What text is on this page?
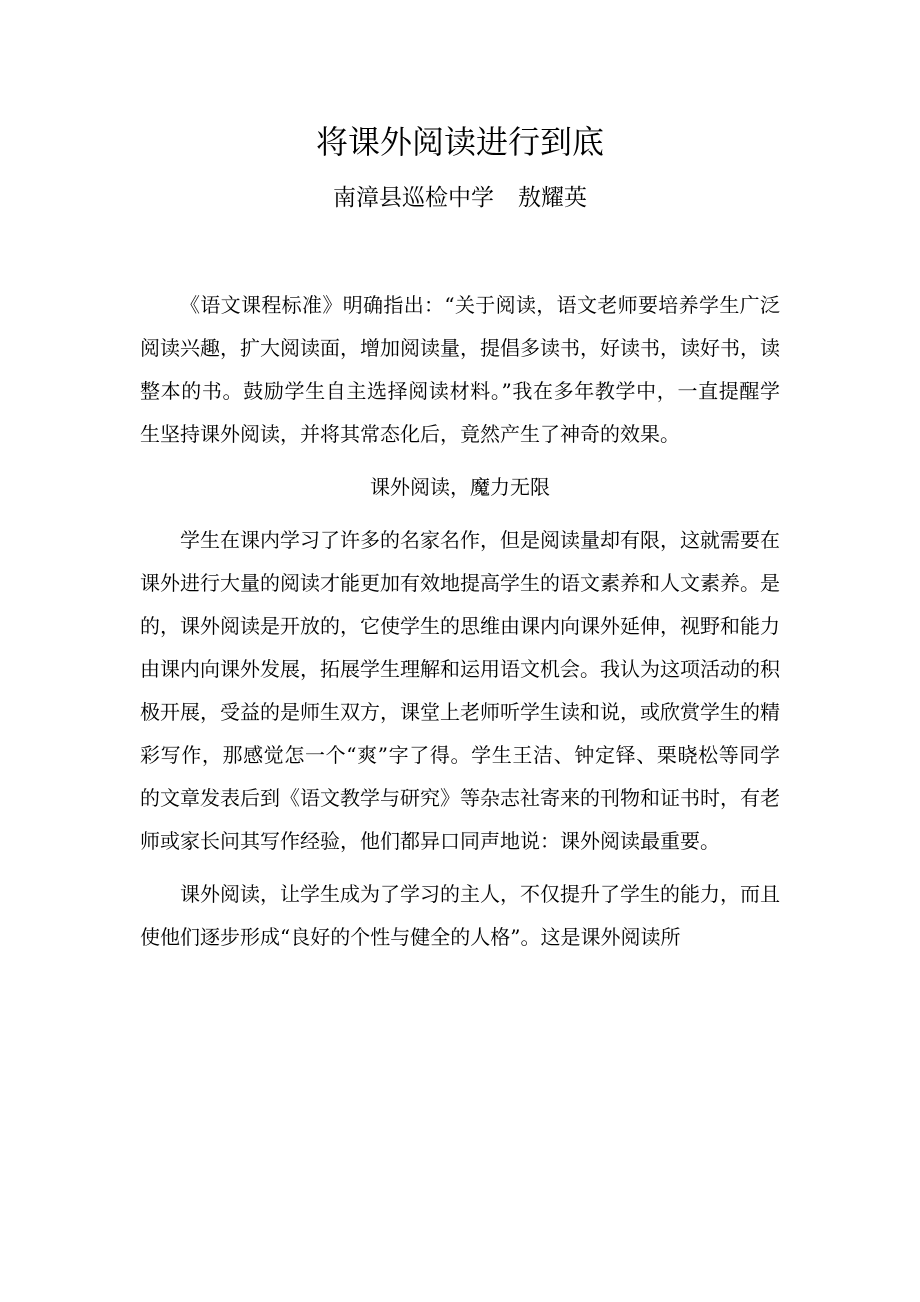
将课外阅读进行到底
南漳县巡检中学 敖耀英

《语文课程标准》明确指出：“关于阅读，语文老师要培养学生广泛阅读兴趣，扩大阅读面，增加阅读量，提倡多读书，好读书，读好书，读整本的书。鼓励学生自主选择阅读材料。”我在多年教学中，一直提醒学生坚持课外阅读，并将其常态化后，竟然产生了神奇的效果。

课外阅读，魔力无限

学生在课内学习了许多的名家名作，但是阅读量却有限，这就需要在课外进行大量的阅读才能更加有效地提高学生的语文素养和人文素养。是的，课外阅读是开放的，它使学生的思维由课内向课外延伸，视野和能力由课内向课外发展，拓展学生理解和运用语文机会。我认为这项活动的积极开展，受益的是师生双方，课堂上老师听学生读和说，或欣赏学生的精彩写作，那感觉怎一个“爽”字了得。学生王洁、钟定铎、栗晓松等同学的文章发表后到《语文教学与研究》等杂志社寄来的刊物和证书时，有老师或家长问其写作经验，他们都异口同声地说：课外阅读最重要。

课外阅读，让学生成为了学习的主人，不仅提升了学生的能力，而且使他们逐步形成“良好的个性与健全的人格”。这是课外阅读所
